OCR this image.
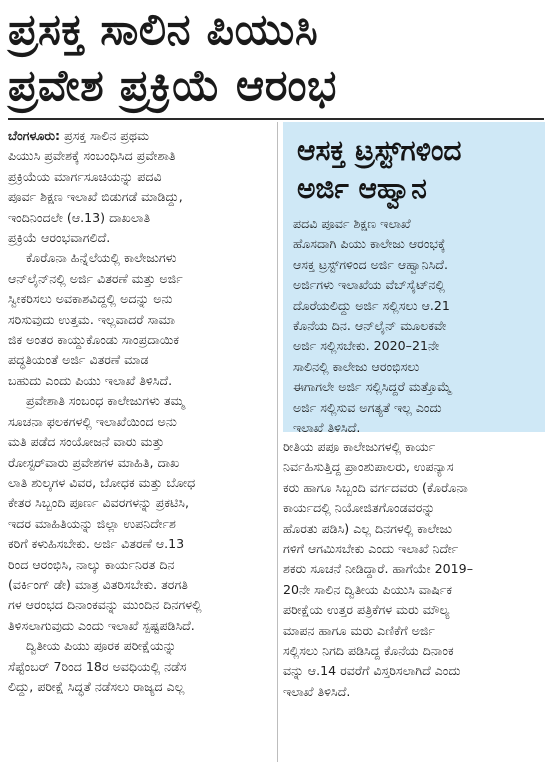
ಪ್ರಸಕ್ತ ಸಾಲಿನ ಪಿಯುಸಿ
ಪ್ರವೇಶ ಪ್ರಕ್ರಿಯೆ ಆರಂಭ
ಬೆಂಗಳೂರು: ಪ್ರಸಕ್ತ ಸಾಲಿನ ಪ್ರಥಮ
ಪಿಯುಸಿ ಪ್ರವೇಶಕ್ಕೆ ಸಂಬಂಧಿಸಿದ ಪ್ರವೇಶಾತಿ
ಪ್ರಕ್ರಿಯೆಯ ಮಾರ್ಗಸೂಚಿಯನ್ನು ಪದವಿ
ಪೂರ್ವ ಶಿಕ್ಷಣ ಇಲಾಖೆ ಬಿಡುಗಡೆ ಮಾಡಿದ್ದು,
ಇಂದಿನಿಂದಲೇ (ಆ.13) ದಾಖಲಾತಿ
ಪ್ರಕ್ರಿಯೆ ಆರಂಭವಾಗಲಿದೆ.
ಕೊರೊನಾ ಹಿನ್ನೆಲೆಯಲ್ಲಿ ಕಾಲೇಜುಗಳು
ಆನ್‌ಲೈನ್‌ನಲ್ಲಿ ಅರ್ಜಿ ವಿತರಣೆ ಮತ್ತು ಅರ್ಜಿ
ಸ್ವೀಕರಿಸಲು ಅವಕಾಶವಿದ್ದಲ್ಲಿ ಅದನ್ನು ಅನು
ಸರಿಸುವುದು ಉತ್ತಮ. ಇಲ್ಲವಾದರೆ ಸಾಮಾ
ಜಿಕ ಅಂತರ ಕಾಯ್ದುಕೊಂಡು ಸಾಂಪ್ರದಾಯಿಕ
ಪದ್ಧತಿಯಂತೆ ಅರ್ಜಿ ವಿತರಣೆ ಮಾಡ
ಬಹುದು ಎಂದು ಪಿಯು ಇಲಾಖೆ ತಿಳಿಸಿದೆ.
ಪ್ರವೇಶಾತಿ ಸಂಬಂಧ ಕಾಲೇಜುಗಳು ತಮ್ಮ
ಸೂಚನಾ ಫಲಕಗಳಲ್ಲಿ ಇಲಾಖೆಯಿಂದ ಅನು
ಮತಿ ಪಡೆದ ಸಂಯೋಜನೆ ವಾರು ಮತ್ತು
ರೋಸ್ಟರ್‌ವಾರು ಪ್ರವೇಶಗಳ ಮಾಹಿತಿ, ದಾಖ
ಲಾತಿ ಶುಲ್ಕಗಳ ವಿವರ, ಬೋಧಕ ಮತ್ತು ಬೋಧ
ಕೇತರ ಸಿಬ್ಬಂದಿ ಪೂರ್ಣ ವಿವರಗಳನ್ನು ಪ್ರಕಟಿಸಿ,
ಇದರ ಮಾಹಿತಿಯನ್ನು ಜಿಲ್ಲಾ ಉಪನಿರ್ದೇಶ
ಕರಿಗೆ ಕಳುಹಿಸಬೇಕು. ಅರ್ಜಿ ವಿತರಣೆ ಆ.13
ರಿಂದ ಆರಂಭಿಸಿ, ನಾಲ್ಕು ಕಾರ್ಯನಿರತ ದಿನ
(ವರ್ಕಿಂಗ್ ಡೇ) ಮಾತ್ರ ವಿತರಿಸಬೇಕು. ತರಗತಿ
ಗಳ ಆರಂಭದ ದಿನಾಂಕವನ್ನು ಮುಂದಿನ ದಿನಗಳಲ್ಲಿ
ತಿಳಿಸಲಾಗುವುದು ಎಂದು ಇಲಾಖೆ ಸ್ಪಷ್ಟಪಡಿಸಿದೆ.
ದ್ವಿತೀಯ ಪಿಯು ಪೂರಕ ಪರೀಕ್ಷೆಯನ್ನು
ಸೆಪ್ಟೆಂಬರ್ 7ರಿಂದ 18ರ ಅವಧಿಯಲ್ಲಿ ನಡೆಸ
ಲಿದ್ದು, ಪರೀಕ್ಷೆ ಸಿದ್ಧತೆ ನಡೆಸಲು ರಾಜ್ಯದ ಎಲ್ಲ
ಆಸಕ್ತ ಟ್ರಸ್ಟ್‌ಗಳಿಂದ
ಅರ್ಜಿ ಆಹ್ವಾನ
ಪದವಿ ಪೂರ್ವ ಶಿಕ್ಷಣ ಇಲಾಖೆ
ಹೊಸದಾಗಿ ಪಿಯು ಕಾಲೇಜು ಆರಂಭಕ್ಕೆ
ಆಸಕ್ತ ಟ್ರಸ್ಟ್‌ಗಳಿಂದ ಅರ್ಜಿ ಆಹ್ವಾನಿಸಿದೆ.
ಅರ್ಜಿಗಳು ಇಲಾಖೆಯ ವೆಬ್‌ಸೈಟ್‌ನಲ್ಲಿ
ದೊರೆಯಲಿದ್ದು ಅರ್ಜಿ ಸಲ್ಲಿಸಲು ಆ.21
ಕೊನೆಯ ದಿನ. ಆನ್‌ಲೈನ್ ಮೂಲಕವೇ
ಅರ್ಜಿ ಸಲ್ಲಿಸಬೇಕು. 2020–21ನೇ
ಸಾಲಿನಲ್ಲಿ ಕಾಲೇಜು ಆರಂಭಿಸಲು
ಈಗಾಗಲೇ ಅರ್ಜಿ ಸಲ್ಲಿಸಿದ್ದರೆ ಮತ್ತೊಮ್ಮೆ
ಅರ್ಜಿ ಸಲ್ಲಿಸುವ ಅಗತ್ಯತೆ ಇಲ್ಲ ಎಂದು
ಇಲಾಖೆ ತಿಳಿಸಿದೆ.
ರೀತಿಯ ಪಪೂ ಕಾಲೇಜುಗಳಲ್ಲಿ ಕಾರ್ಯ
ನಿರ್ವಹಿಸುತ್ತಿದ್ದ ಪ್ರಾಂಶುಪಾಲರು, ಉಪನ್ಯಾಸ
ಕರು ಹಾಗೂ ಸಿಬ್ಬಂದಿ ವರ್ಗದವರು (ಕೊರೊನಾ
ಕಾರ್ಯದಲ್ಲಿ ನಿಯೋಜಿತಗೊಂಡವರನ್ನು
ಹೊರತು ಪಡಿಸಿ) ಎಲ್ಲ ದಿನಗಳಲ್ಲಿ ಕಾಲೇಜು
ಗಳಿಗೆ ಆಗಮಿಸಬೇಕು ಎಂದು ಇಲಾಖೆ ನಿರ್ದೇ
ಶಕರು ಸೂಚನೆ ನೀಡಿದ್ದಾರೆ. ಹಾಗೆಯೇ 2019–
20ನೇ ಸಾಲಿನ ದ್ವಿತೀಯ ಪಿಯುಸಿ ವಾರ್ಷಿಕ
ಪರೀಕ್ಷೆಯ ಉತ್ತರ ಪತ್ರಿಕೆಗಳ ಮರು ಮೌಲ್ಯ
ಮಾಪನ ಹಾಗೂ ಮರು ಎಣಿಕೆಗೆ ಅರ್ಜಿ
ಸಲ್ಲಿಸಲು ನಿಗದಿ ಪಡಿಸಿದ್ದ ಕೊನೆಯ ದಿನಾಂಕ
ವನ್ನು ಆ.14 ರವರೆಗೆ ವಿಸ್ತರಿಸಲಾಗಿದೆ ಎಂದು
ಇಲಾಖೆ ತಿಳಿಸಿದೆ.
